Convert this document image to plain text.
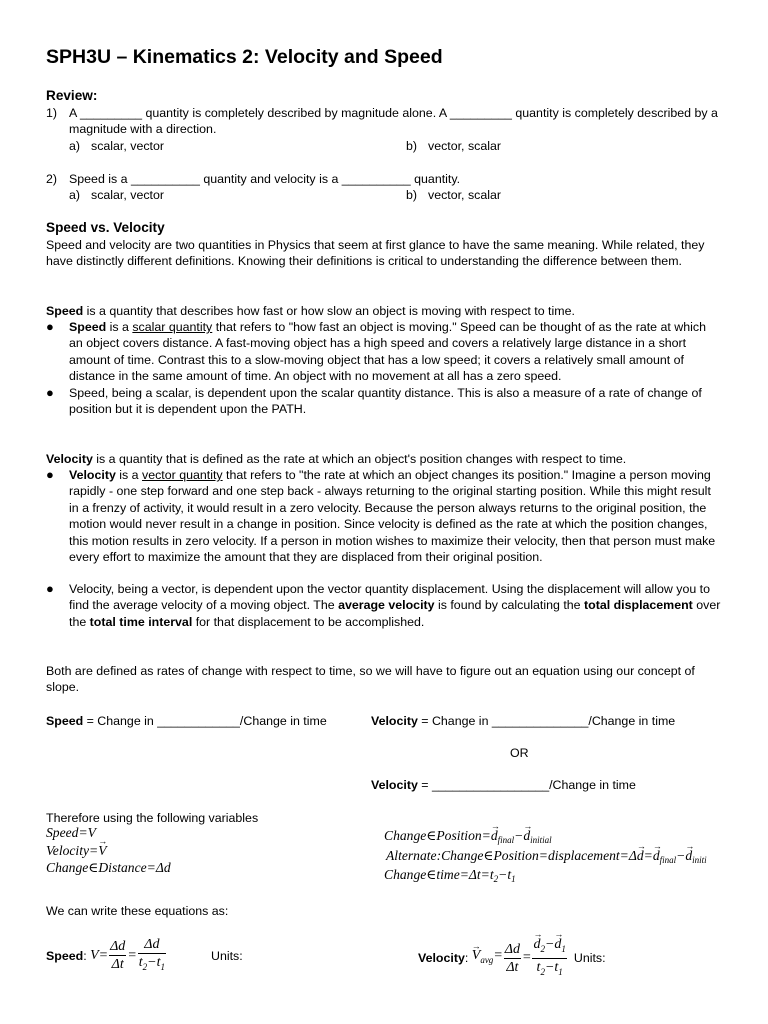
SPH3U – Kinematics 2: Velocity and Speed
Review:
1) A _________ quantity is completely described by magnitude alone. A _________ quantity is completely described by a magnitude with a direction.
a) scalar, vector	b) vector, scalar
2) Speed is a __________ quantity and velocity is a __________ quantity.
a) scalar, vector	b) vector, scalar
Speed vs. Velocity
Speed and velocity are two quantities in Physics that seem at first glance to have the same meaning. While related, they have distinctly different definitions. Knowing their definitions is critical to understanding the difference between them.
Speed is a quantity that describes how fast or how slow an object is moving with respect to time.
● Speed is a scalar quantity that refers to "how fast an object is moving." Speed can be thought of as the rate at which an object covers distance. A fast-moving object has a high speed and covers a relatively large distance in a short amount of time. Contrast this to a slow-moving object that has a low speed; it covers a relatively small amount of distance in the same amount of time. An object with no movement at all has a zero speed.
● Speed, being a scalar, is dependent upon the scalar quantity distance. This is also a measure of a rate of change of position but it is dependent upon the PATH.
Velocity is a quantity that is defined as the rate at which an object's position changes with respect to time.
● Velocity is a vector quantity that refers to "the rate at which an object changes its position." Imagine a person moving rapidly - one step forward and one step back - always returning to the original starting position. While this might result in a frenzy of activity, it would result in a zero velocity. Because the person always returns to the original position, the motion would never result in a change in position. Since velocity is defined as the rate at which the position changes, this motion results in zero velocity. If a person in motion wishes to maximize their velocity, then that person must make every effort to maximize the amount that they are displaced from their original position.
● Velocity, being a vector, is dependent upon the vector quantity displacement. Using the displacement will allow you to find the average velocity of a moving object. The average velocity is found by calculating the total displacement over the total time interval for that displacement to be accomplished.
Both are defined as rates of change with respect to time, so we will have to figure out an equation using our concept of slope.
Speed = Change in ____________/Change in time	Velocity = Change in ______________/Change in time
OR
Velocity = _________________/Change in time
Therefore using the following variables
Speed=V
Velocity=→ V
Change∈Distance=Δd
Change∈Position=→ $d_{final}-\to d_{initial}$
Alternate:Change∈Position=displacement=Δ→ $d=\to d_{final}-\to d_{initi}$
$Change\in time=\Delta t=t_2-t_1$
We can write these equations as:
Speed: $V= \frac{\Delta d}{\Delta t} = \frac{\Delta d}{t_2-t_1}$	Units:	Velocity: → $V_{avg}= \frac{\Delta d}{\Delta t}$ = → $\frac{d_2-\to d_1}{t_2-t_1}$ Units:
